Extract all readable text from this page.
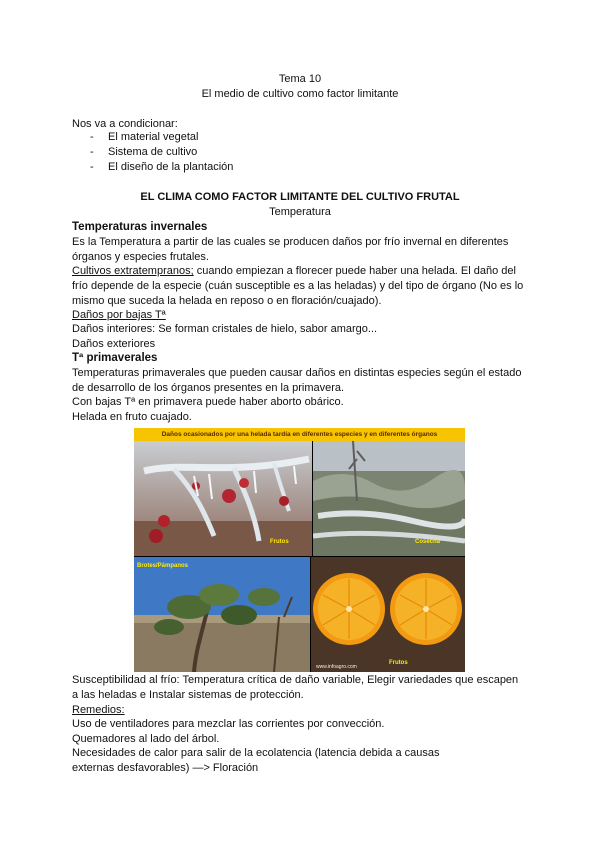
Tema 10
El medio de cultivo como factor limitante
Nos va a condicionar:
- El material vegetal
- Sistema de cultivo
- El diseño de la plantación
EL CLIMA COMO FACTOR LIMITANTE DEL CULTIVO FRUTAL
Temperatura
Temperaturas invernales
Es la Temperatura a partir de las cuales se producen daños por frío invernal en diferentes
órganos y especies frutales.
Cultivos extratempranos; cuando empiezan a florecer puede haber una helada. El daño del
frío depende de la especie (cuán susceptible es a las heladas) y del tipo de órgano (No es lo
mismo que suceda la helada en reposo o en floración/cuajado).
Daños por bajas Tª
Daños interiores: Se forman cristales de hielo, sabor amargo...
Daños exteriores
Tª primaverales
Temperaturas primaverales que pueden causar daños en distintas especies según el estado
de desarrollo de los órganos presentes en la primavera.
Con bajas Tª en primavera puede haber aborto obárico.
Helada en fruto cuajado.
Daños ocasionados por una helada tardía en diferentes especies y en diferentes órganos
Frutos	Cosecha
Brotes/Pámpanos
Frutos
www.infoagro.com
Susceptibilidad al frío: Temperatura crítica de daño variable, Elegir variedades que escapen
a las heladas e Instalar sistemas de protección.
Remedios:
Uso de ventiladores para mezclar las corrientes por convección.
Quemadores al lado del árbol.
Necesidades de calor para salir de la ecolatencia (latencia debida a causas
externas desfavorables) —> Floración
